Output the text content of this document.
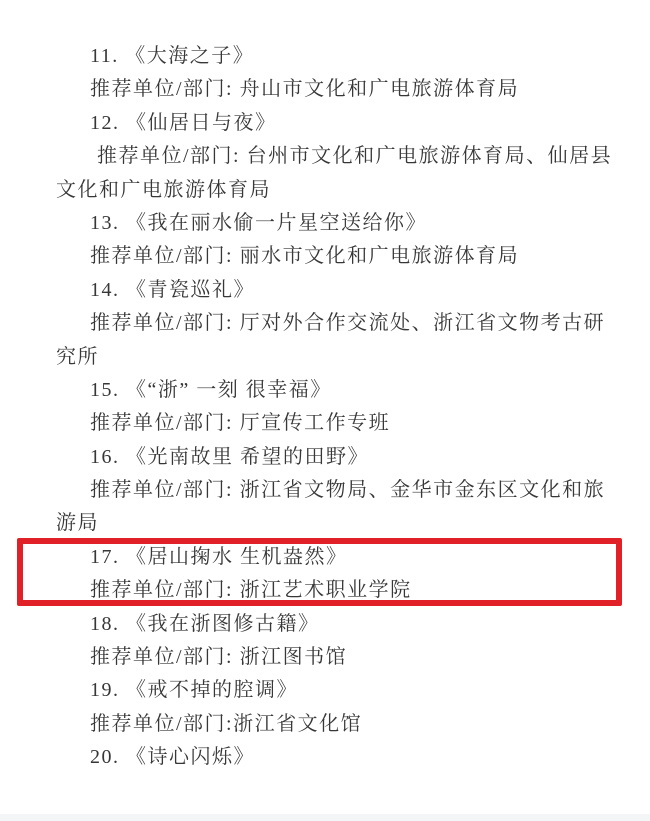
11. 《大海之子》
推荐单位/部门: 舟山市文化和广电旅游体育局
12. 《仙居日与夜》
推荐单位/部门: 台州市文化和广电旅游体育局、仙居县
文化和广电旅游体育局
13. 《我在丽水偷一片星空送给你》
推荐单位/部门: 丽水市文化和广电旅游体育局
14. 《青瓷巡礼》
推荐单位/部门: 厅对外合作交流处、浙江省文物考古研
究所
15. 《“浙” 一刻 很幸福》
推荐单位/部门: 厅宣传工作专班
16. 《光南故里 希望的田野》
推荐单位/部门: 浙江省文物局、金华市金东区文化和旅
游局
17. 《居山掬水 生机盎然》
推荐单位/部门: 浙江艺术职业学院
18. 《我在浙图修古籍》
推荐单位/部门: 浙江图书馆
19. 《戒不掉的腔调》
推荐单位/部门:浙江省文化馆
20. 《诗心闪烁》
